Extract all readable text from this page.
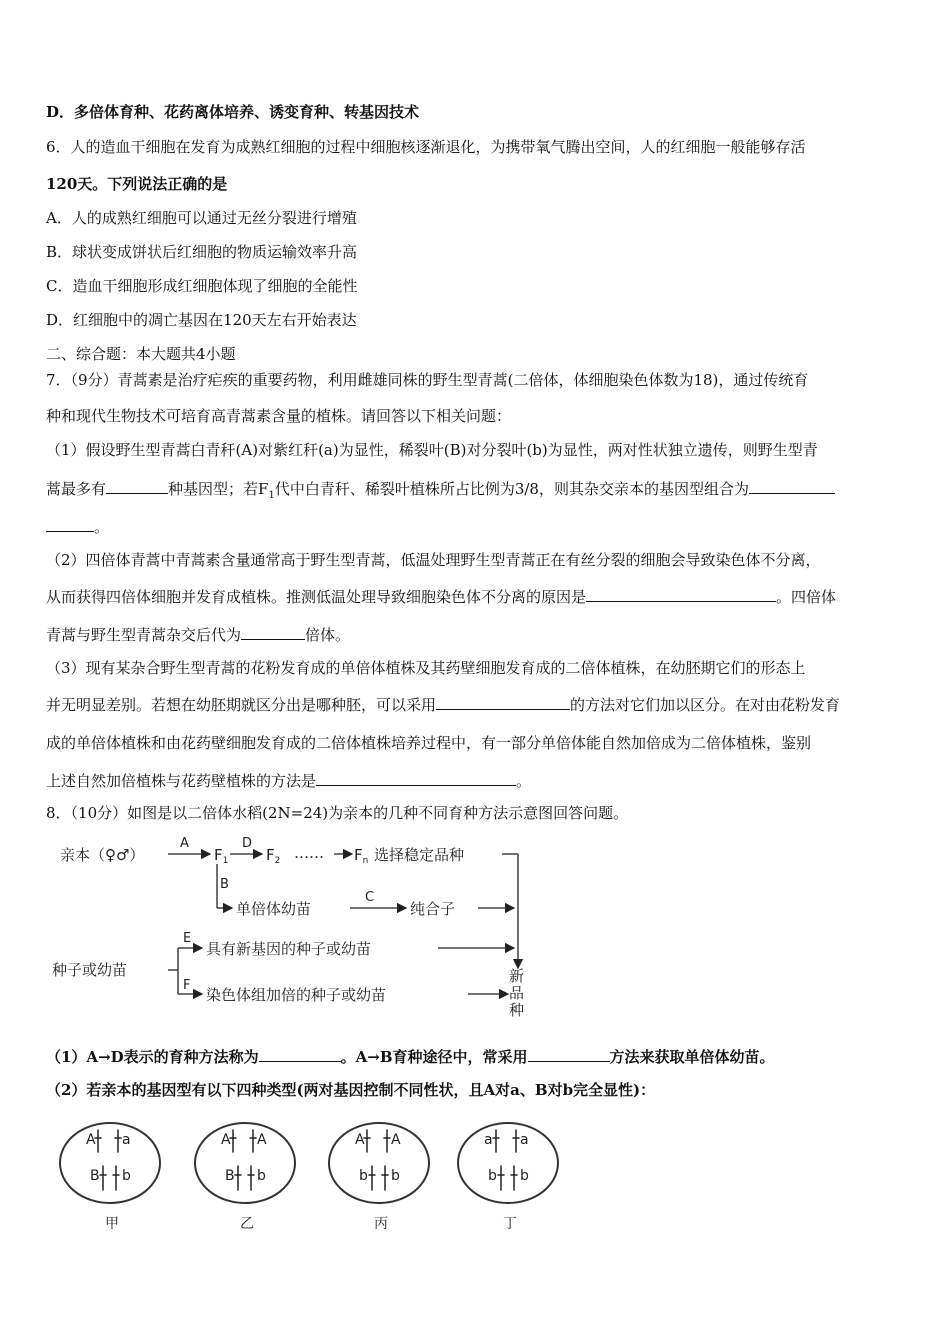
D．多倍体育种、花药离体培养、诱变育种、转基因技术
6．人的造血干细胞在发育为成熟红细胞的过程中细胞核逐渐退化，为携带氧气腾出空间，人的红细胞一般能够存活
120天。下列说法正确的是
A．人的成熟红细胞可以通过无丝分裂进行增殖
B．球状变成饼状后红细胞的物质运输效率升高
C．造血干细胞形成红细胞体现了细胞的全能性
D．红细胞中的凋亡基因在120天左右开始表达
二、综合题：本大题共4小题
7．（9分）青蒿素是治疗疟疾的重要药物，利用雌雄同株的野生型青蒿(二倍体，体细胞染色体数为18)，通过传统育
种和现代生物技术可培育高青蒿素含量的植株。请回答以下相关问题：
（1）假设野生型青蒿白青秆(A)对紫红秆(a)为显性，稀裂叶(B)对分裂叶(b)为显性，两对性状独立遗传，则野生型青
蒿最多有	种基因型；若$F_1$代中白青秆、稀裂叶植株所占比例为3/8，则其杂交亲本的基因型组合为
。
（2）四倍体青蒿中青蒿素含量通常高于野生型青蒿，低温处理野生型青蒿正在有丝分裂的细胞会导致染色体不分离，
从而获得四倍体细胞并发育成植株。推测低温处理导致细胞染色体不分离的原因是	。四倍体
青蒿与野生型青蒿杂交后代为	倍体。
（3）现有某杂合野生型青蒿的花粉发育成的单倍体植株及其药壁细胞发育成的二倍体植株，在幼胚期它们的形态上
并无明显差别。若想在幼胚期就区分出是哪种胚，可以采用	的方法对它们加以区分。在对由花粉发育
成的单倍体植株和由花药壁细胞发育成的二倍体植株培养过程中，有一部分单倍体能自然加倍成为二倍体植株，鉴别
上述自然加倍植株与花药壁植株的方法是	。
8．（10分）如图是以二倍体水稻(2N=24)为亲本的几种不同育种方法示意图回答问题。
亲本（♀♂）
A
$F_1$
D
$F_2$ …… $F_n$ 选择稳定品种
B
单倍体幼苗
C
纯合子
种子或幼苗
E
具有新基因的种子或幼苗
F
染色体组加倍的种子或幼苗
新
品
种
（1）A→D表示的育种方法称为	。A→B育种途径中，常采用	方法来获取单倍体幼苗。
（2）若亲本的基因型有以下四种类型(两对基因控制不同性状，且A对a、B对b完全显性)：
A a
B b
甲
A A
B b
乙
A A
b b
丙
a a
b b
丁
